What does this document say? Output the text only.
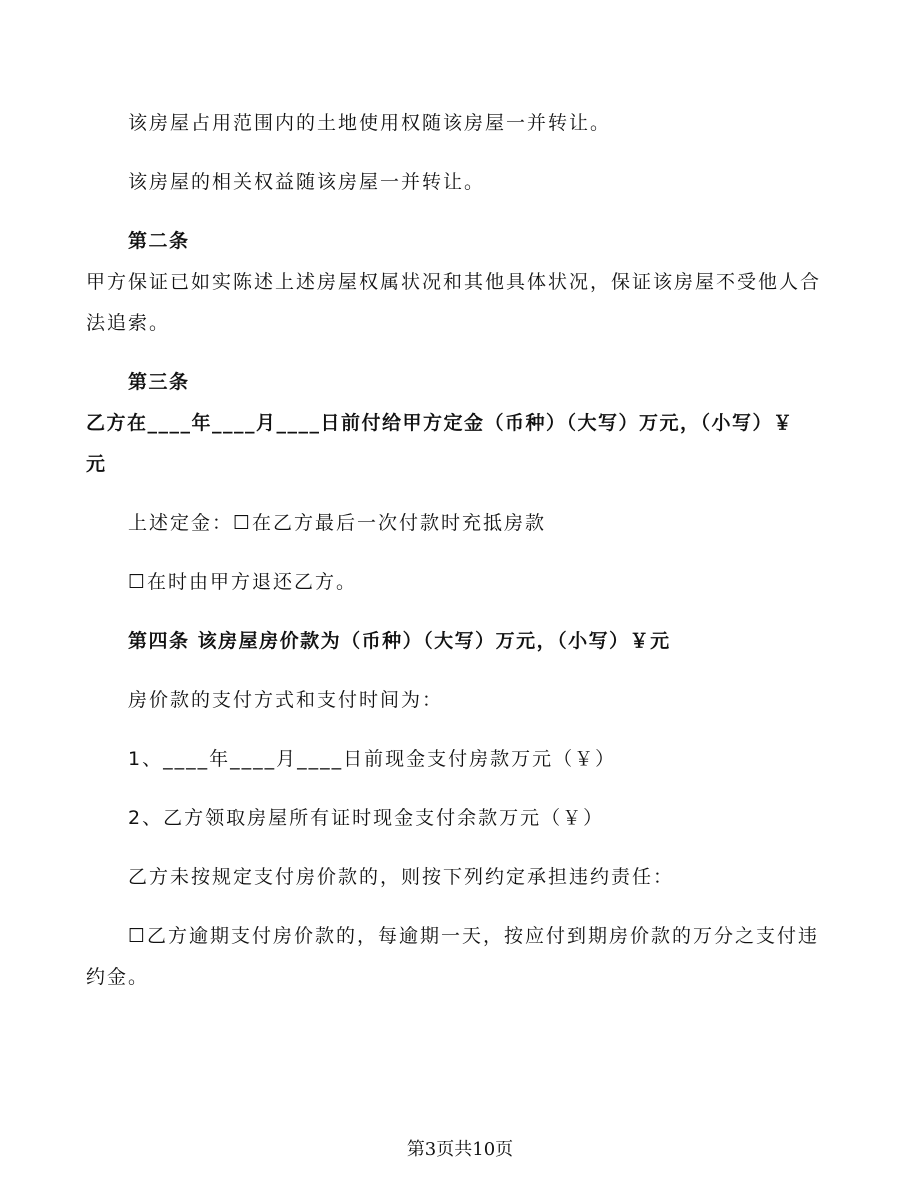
该房屋占用范围内的土地使用权随该房屋一并转让。
该房屋的相关权益随该房屋一并转让。
第二条
甲方保证已如实陈述上述房屋权属状况和其他具体状况，保证该房屋不受他人合
法追索。
第三条
乙方在____年____月____日前付给甲方定金（币种）（大写）万元，（小写）￥
元
上述定金：☐在乙方最后一次付款时充抵房款
☐在时由甲方退还乙方。
第四条 该房屋房价款为（币种）（大写）万元，（小写）￥元
房价款的支付方式和支付时间为：
1、____年____月____日前现金支付房款万元（￥）
2、乙方领取房屋所有证时现金支付余款万元（￥）
乙方未按规定支付房价款的，则按下列约定承担违约责任：
☐乙方逾期支付房价款的，每逾期一天，按应付到期房价款的万分之支付违
约金。
第3页共10页
